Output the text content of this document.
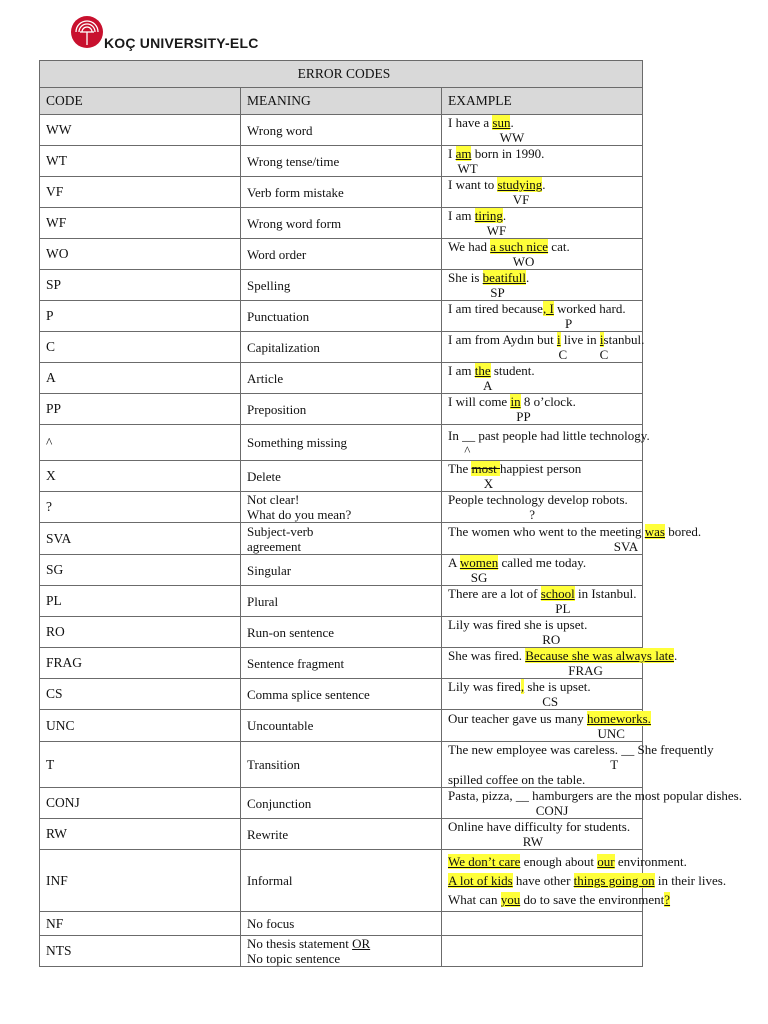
KOÇ UNIVERSITY-ELC
ERROR CODES		
CODE	MEANING	EXAMPLE
WW	Wrong word	I have a sun.
WW

WT	Wrong tense/time	I am born in 1990.
WT

VF	Verb form mistake	I want to studying.
VF

WF	Wrong word form	I am tiring.
WF

WO	Word order	We had a such nice cat.
WO

SP	Spelling	She is beatifull.
SP

P	Punctuation	I am tired because, I worked hard.
P

C	Capitalization	I am from Aydın but i live in istanbul.
C          C

A	Article	I am the student.
A

PP	Preposition	I will come in 8 o’clock.
PP

^	Something missing	In __ past people had little technology.
^

X	Delete	The most happiest person
X

?	Not clear!
What do you mean?	People technology develop robots.
?

SVA	Subject-verb
agreement	The women who went to the meeting was bored.
SVA

SG	Singular	A women called me today.
SG

PL	Plural	There are a lot of school in Istanbul.
PL

RO	Run-on sentence	Lily was fired she is upset.
RO

FRAG	Sentence fragment	She was fired. Because she was always late.
FRAG

CS	Comma splice sentence	Lily was fired, she is upset.
CS

UNC	Uncountable	Our teacher gave us many homeworks.
UNC

T	Transition	The new employee was careless. __ She frequently
T
spilled coffee on the table.

CONJ	Conjunction	Pasta, pizza, __ hamburgers are the most popular dishes.
CONJ

RW	Rewrite	Online have difficulty for students.
RW

INF	Informal	We don’t care enough about our environment.
A lot of kids have other things going on in their lives.
What can you do to save the environment?

NF	No focus	

NTS	No thesis statement OR
No topic sentence	
